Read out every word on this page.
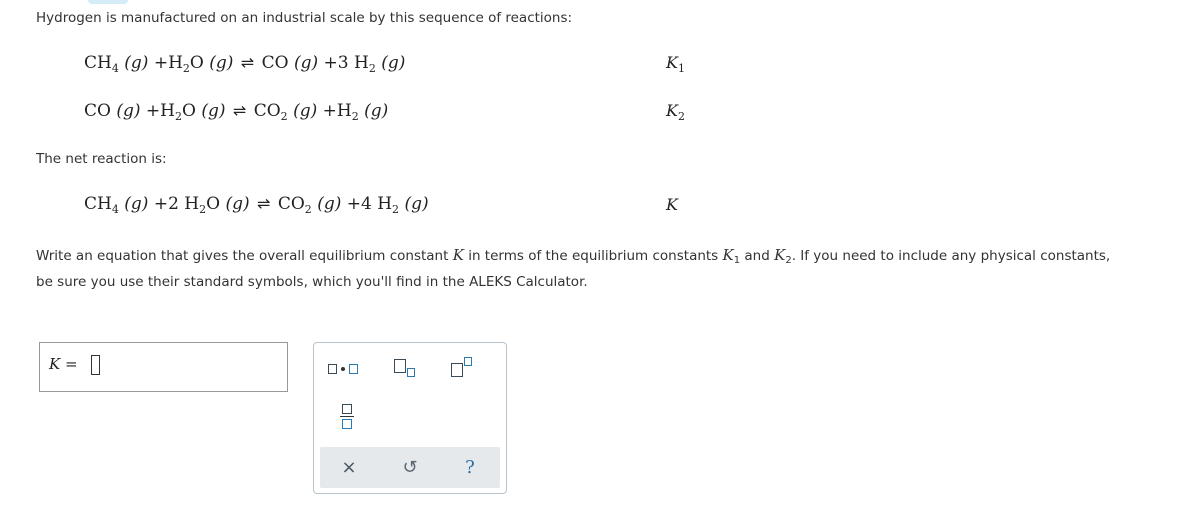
Hydrogen is manufactured on an industrial scale by this sequence of reactions:
$CH_4$ $(g) +H_2O$ (g) ⇌ CO (g) +3 $H_2$ (g)	$K_1$
CO $(g) +H_2O$ (g) ⇌ $CO_2$ $(g) +H_2$ (g)	$K_2$
The net reaction is:
$CH_4$ (g) +2 $H_2O$ (g) ⇌ $CO_2$ (g) +4 $H_2$ (g)	K
Write an equation that gives the overall equilibrium constant K in terms of the equilibrium constants $K_1$ and $K_2$. If you need to include any physical constants,
be sure you use their standard symbols, which you'll find in the ALEKS Calculator.
K =
×	↺	?
